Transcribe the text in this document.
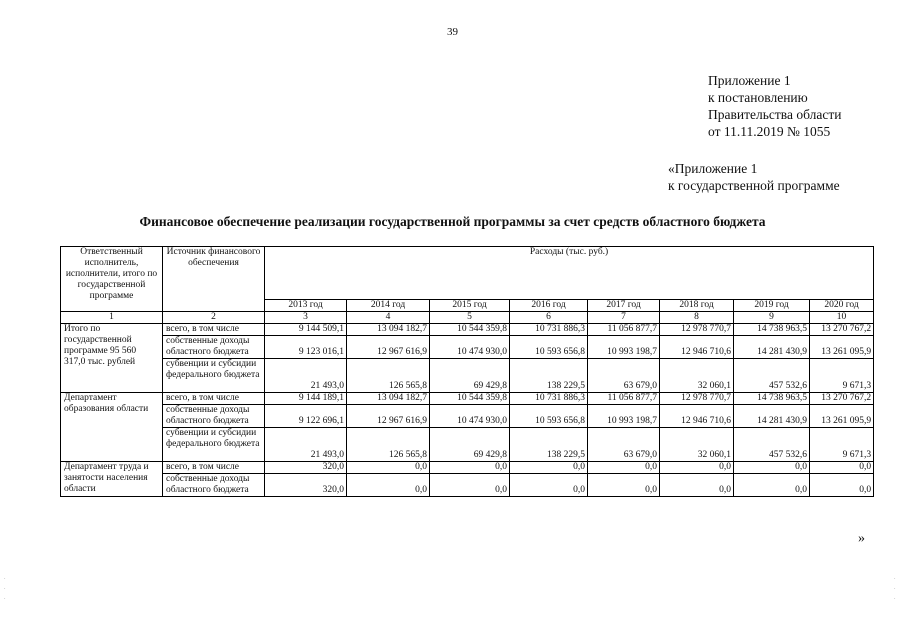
39
Приложение 1
к постановлению
Правительства области
от 11.11.2019 № 1055
«Приложение 1
к государственной программе
Финансовое обеспечение реализации государственной программы за счет средств областного бюджета
Ответственный исполнитель, исполнители, итого по государственной программе	Источник финансового обеспечения	Расходы (тыс. руб.)							
		2013 год	2014 год	2015 год	2016 год	2017 год	2018 год	2019 год	2020 год
1	2	3	4	5	6	7	8	9	10
Итого по государственной программе 95 560 317,0 тыс. рублей	всего, в том числе	9 144 509,1	13 094 182,7	10 544 359,8	10 731 886,3	11 056 877,7	12 978 770,7	14 738 963,5	13 270 767,2
	собственные доходы областного бюджета	9 123 016,1	12 967 616,9	10 474 930,0	10 593 656,8	10 993 198,7	12 946 710,6	14 281 430,9	13 261 095,9
	субвенции и субсидии федерального бюджета	21 493,0	126 565,8	69 429,8	138 229,5	63 679,0	32 060,1	457 532,6	9 671,3
Департамент образования области	всего, в том числе	9 144 189,1	13 094 182,7	10 544 359,8	10 731 886,3	11 056 877,7	12 978 770,7	14 738 963,5	13 270 767,2
	собственные доходы областного бюджета	9 122 696,1	12 967 616,9	10 474 930,0	10 593 656,8	10 993 198,7	12 946 710,6	14 281 430,9	13 261 095,9
	субвенции и субсидии федерального бюджета	21 493,0	126 565,8	69 429,8	138 229,5	63 679,0	32 060,1	457 532,6	9 671,3
Департамент труда и занятости населения области	всего, в том числе	320,0	0,0	0,0	0,0	0,0	0,0	0,0	0,0
	собственные доходы областного бюджета	320,0	0,0	0,0	0,0	0,0	0,0	0,0	0,0
»
.

.

.
.

.

.
